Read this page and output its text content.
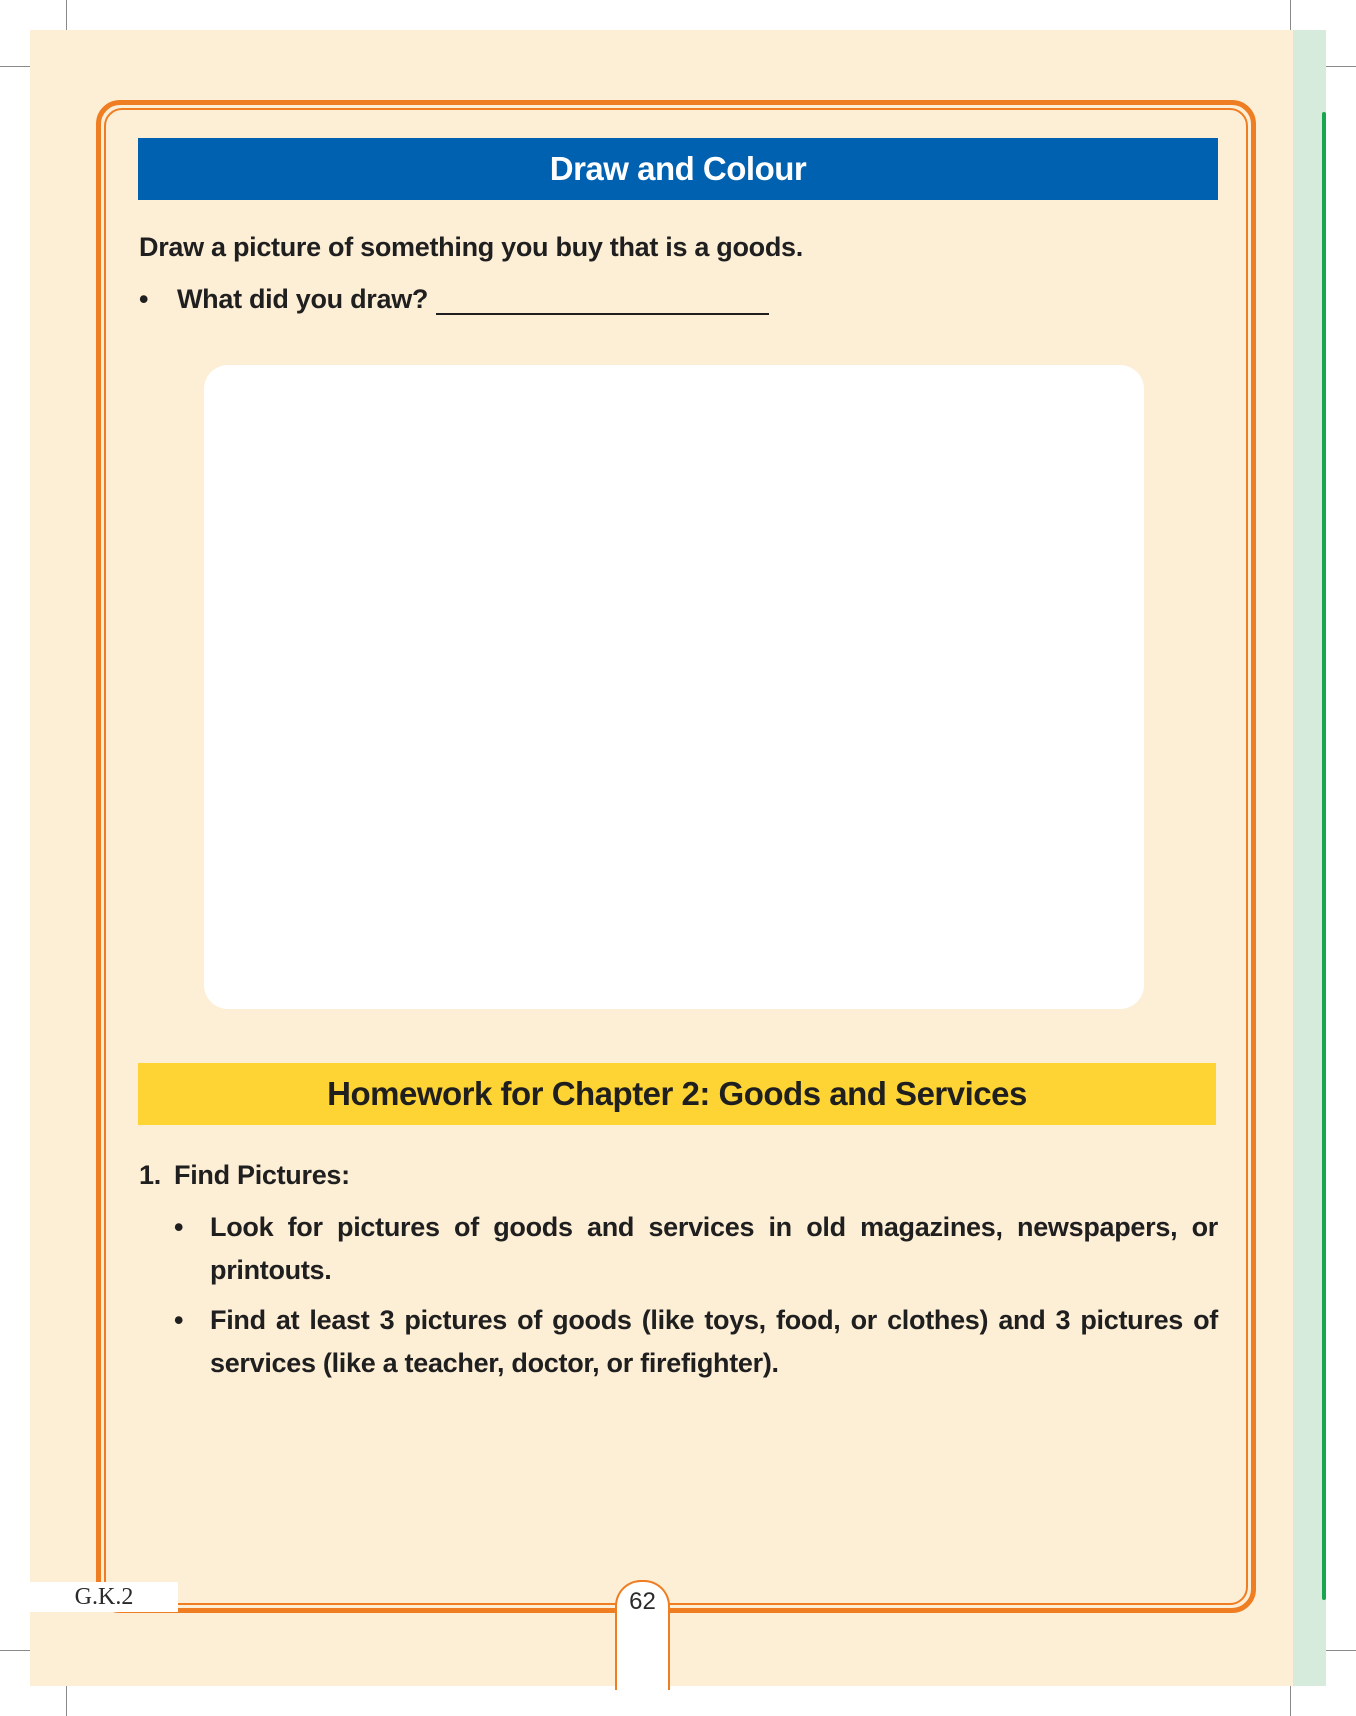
Draw and Colour
Draw a picture of something you buy that is a goods.
•	What did you draw?
Homework for Chapter 2: Goods and Services
1. Find Pictures:
• Look for pictures of goods and services in old magazines, newspapers, or printouts.
• Find at least 3 pictures of goods (like toys, food, or clothes) and 3 pictures of services (like a teacher, doctor, or firefighter).
G.K.2	62
